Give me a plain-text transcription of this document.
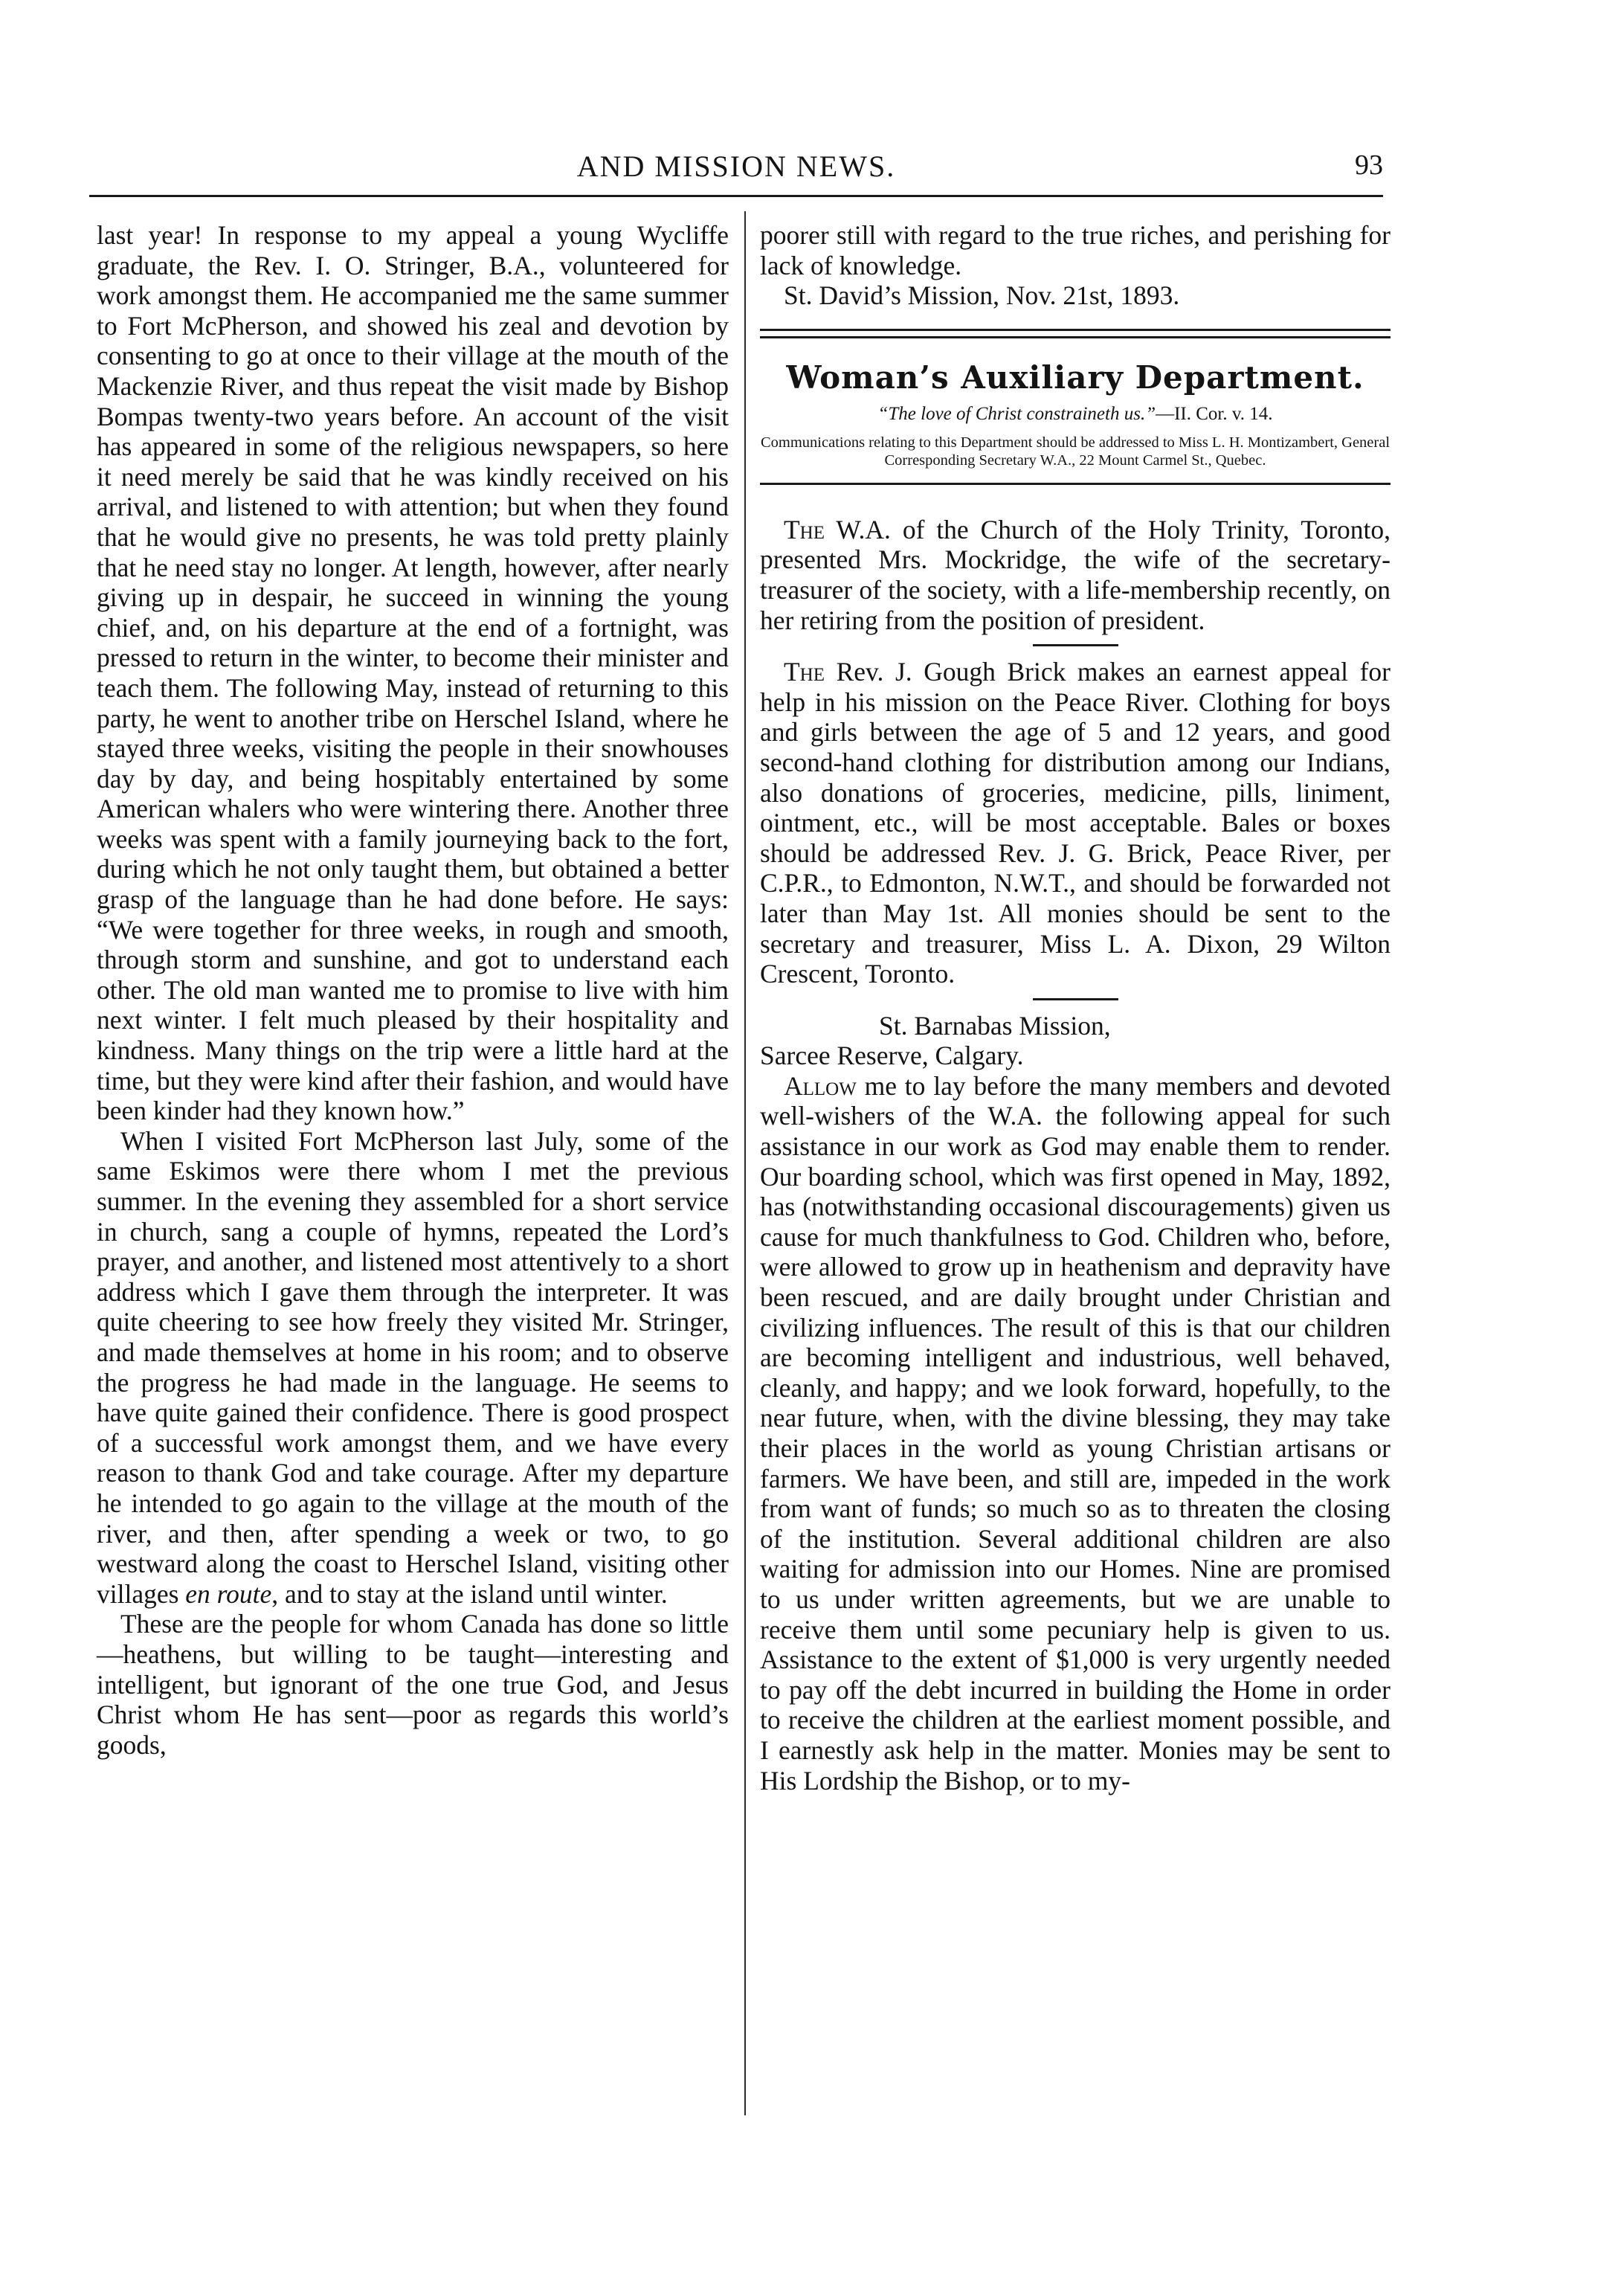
AND MISSION NEWS.	93

last year! In response to my appeal a young Wycliffe graduate, the Rev. I. O. Stringer, B.A., volunteered for work amongst them. He accompanied me the same summer to Fort McPherson, and showed his zeal and devotion by consenting to go at once to their village at the mouth of the Mackenzie River, and thus repeat the visit made by Bishop Bompas twenty-two years before. An account of the visit has appeared in some of the religious newspapers, so here it need merely be said that he was kindly received on his arrival, and listened to with attention; but when they found that he would give no presents, he was told pretty plainly that he need stay no longer. At length, however, after nearly giving up in despair, he succeed in winning the young chief, and, on his departure at the end of a fortnight, was pressed to return in the winter, to become their minister and teach them. The following May, instead of returning to this party, he went to another tribe on Herschel Island, where he stayed three weeks, visiting the people in their snowhouses day by day, and being hospitably entertained by some American whalers who were wintering there. Another three weeks was spent with a family journeying back to the fort, during which he not only taught them, but obtained a better grasp of the language than he had done before. He says: “We were together for three weeks, in rough and smooth, through storm and sunshine, and got to understand each other. The old man wanted me to promise to live with him next winter. I felt much pleased by their hospitality and kindness. Many things on the trip were a little hard at the time, but they were kind after their fashion, and would have been kinder had they known how.”

When I visited Fort McPherson last July, some of the same Eskimos were there whom I met the previous summer. In the evening they assembled for a short service in church, sang a couple of hymns, repeated the Lord’s prayer, and another, and listened most attentively to a short address which I gave them through the interpreter. It was quite cheering to see how freely they visited Mr. Stringer, and made themselves at home in his room; and to observe the progress he had made in the language. He seems to have quite gained their confidence. There is good prospect of a successful work amongst them, and we have every reason to thank God and take courage. After my departure he intended to go again to the village at the mouth of the river, and then, after spending a week or two, to go westward along the coast to Herschel Island, visiting other villages en route, and to stay at the island until winter.

These are the people for whom Canada has done so little—heathens, but willing to be taught—interesting and intelligent, but ignorant of the one true God, and Jesus Christ whom He has sent—poor as regards this world’s goods,

poorer still with regard to the true riches, and perishing for lack of knowledge.

St. David’s Mission, Nov. 21st, 1893.

Woman’s Auxiliary Department.
“The love of Christ constraineth us.”—II. Cor. v. 14.
Communications relating to this Department should be addressed to Miss L. H. Montizambert, General Corresponding Secretary W.A., 22 Mount Carmel St., Quebec.

The W.A. of the Church of the Holy Trinity, Toronto, presented Mrs. Mockridge, the wife of the secretary-treasurer of the society, with a life-membership recently, on her retiring from the position of president.

The Rev. J. Gough Brick makes an earnest appeal for help in his mission on the Peace River. Clothing for boys and girls between the age of 5 and 12 years, and good second-hand clothing for distribution among our Indians, also donations of groceries, medicine, pills, liniment, ointment, etc., will be most acceptable. Bales or boxes should be addressed Rev. J. G. Brick, Peace River, per C.P.R., to Edmonton, N.W.T., and should be forwarded not later than May 1st. All monies should be sent to the secretary and treasurer, Miss L. A. Dixon, 29 Wilton Crescent, Toronto.

St. Barnabas Mission,

Sarcee Reserve, Calgary.

Allow me to lay before the many members and devoted well-wishers of the W.A. the following appeal for such assistance in our work as God may enable them to render. Our boarding school, which was first opened in May, 1892, has (notwithstanding occasional discouragements) given us cause for much thankfulness to God. Children who, before, were allowed to grow up in heathenism and depravity have been rescued, and are daily brought under Christian and civilizing influences. The result of this is that our children are becoming intelligent and industrious, well behaved, cleanly, and happy; and we look forward, hopefully, to the near future, when, with the divine blessing, they may take their places in the world as young Christian artisans or farmers. We have been, and still are, impeded in the work from want of funds; so much so as to threaten the closing of the institution. Several additional children are also waiting for admission into our Homes. Nine are promised to us under written agreements, but we are unable to receive them until some pecuniary help is given to us. Assistance to the extent of $1,000 is very urgently needed to pay off the debt incurred in building the Home in order to receive the children at the earliest moment possible, and I earnestly ask help in the matter. Monies may be sent to His Lordship the Bishop, or to my-
